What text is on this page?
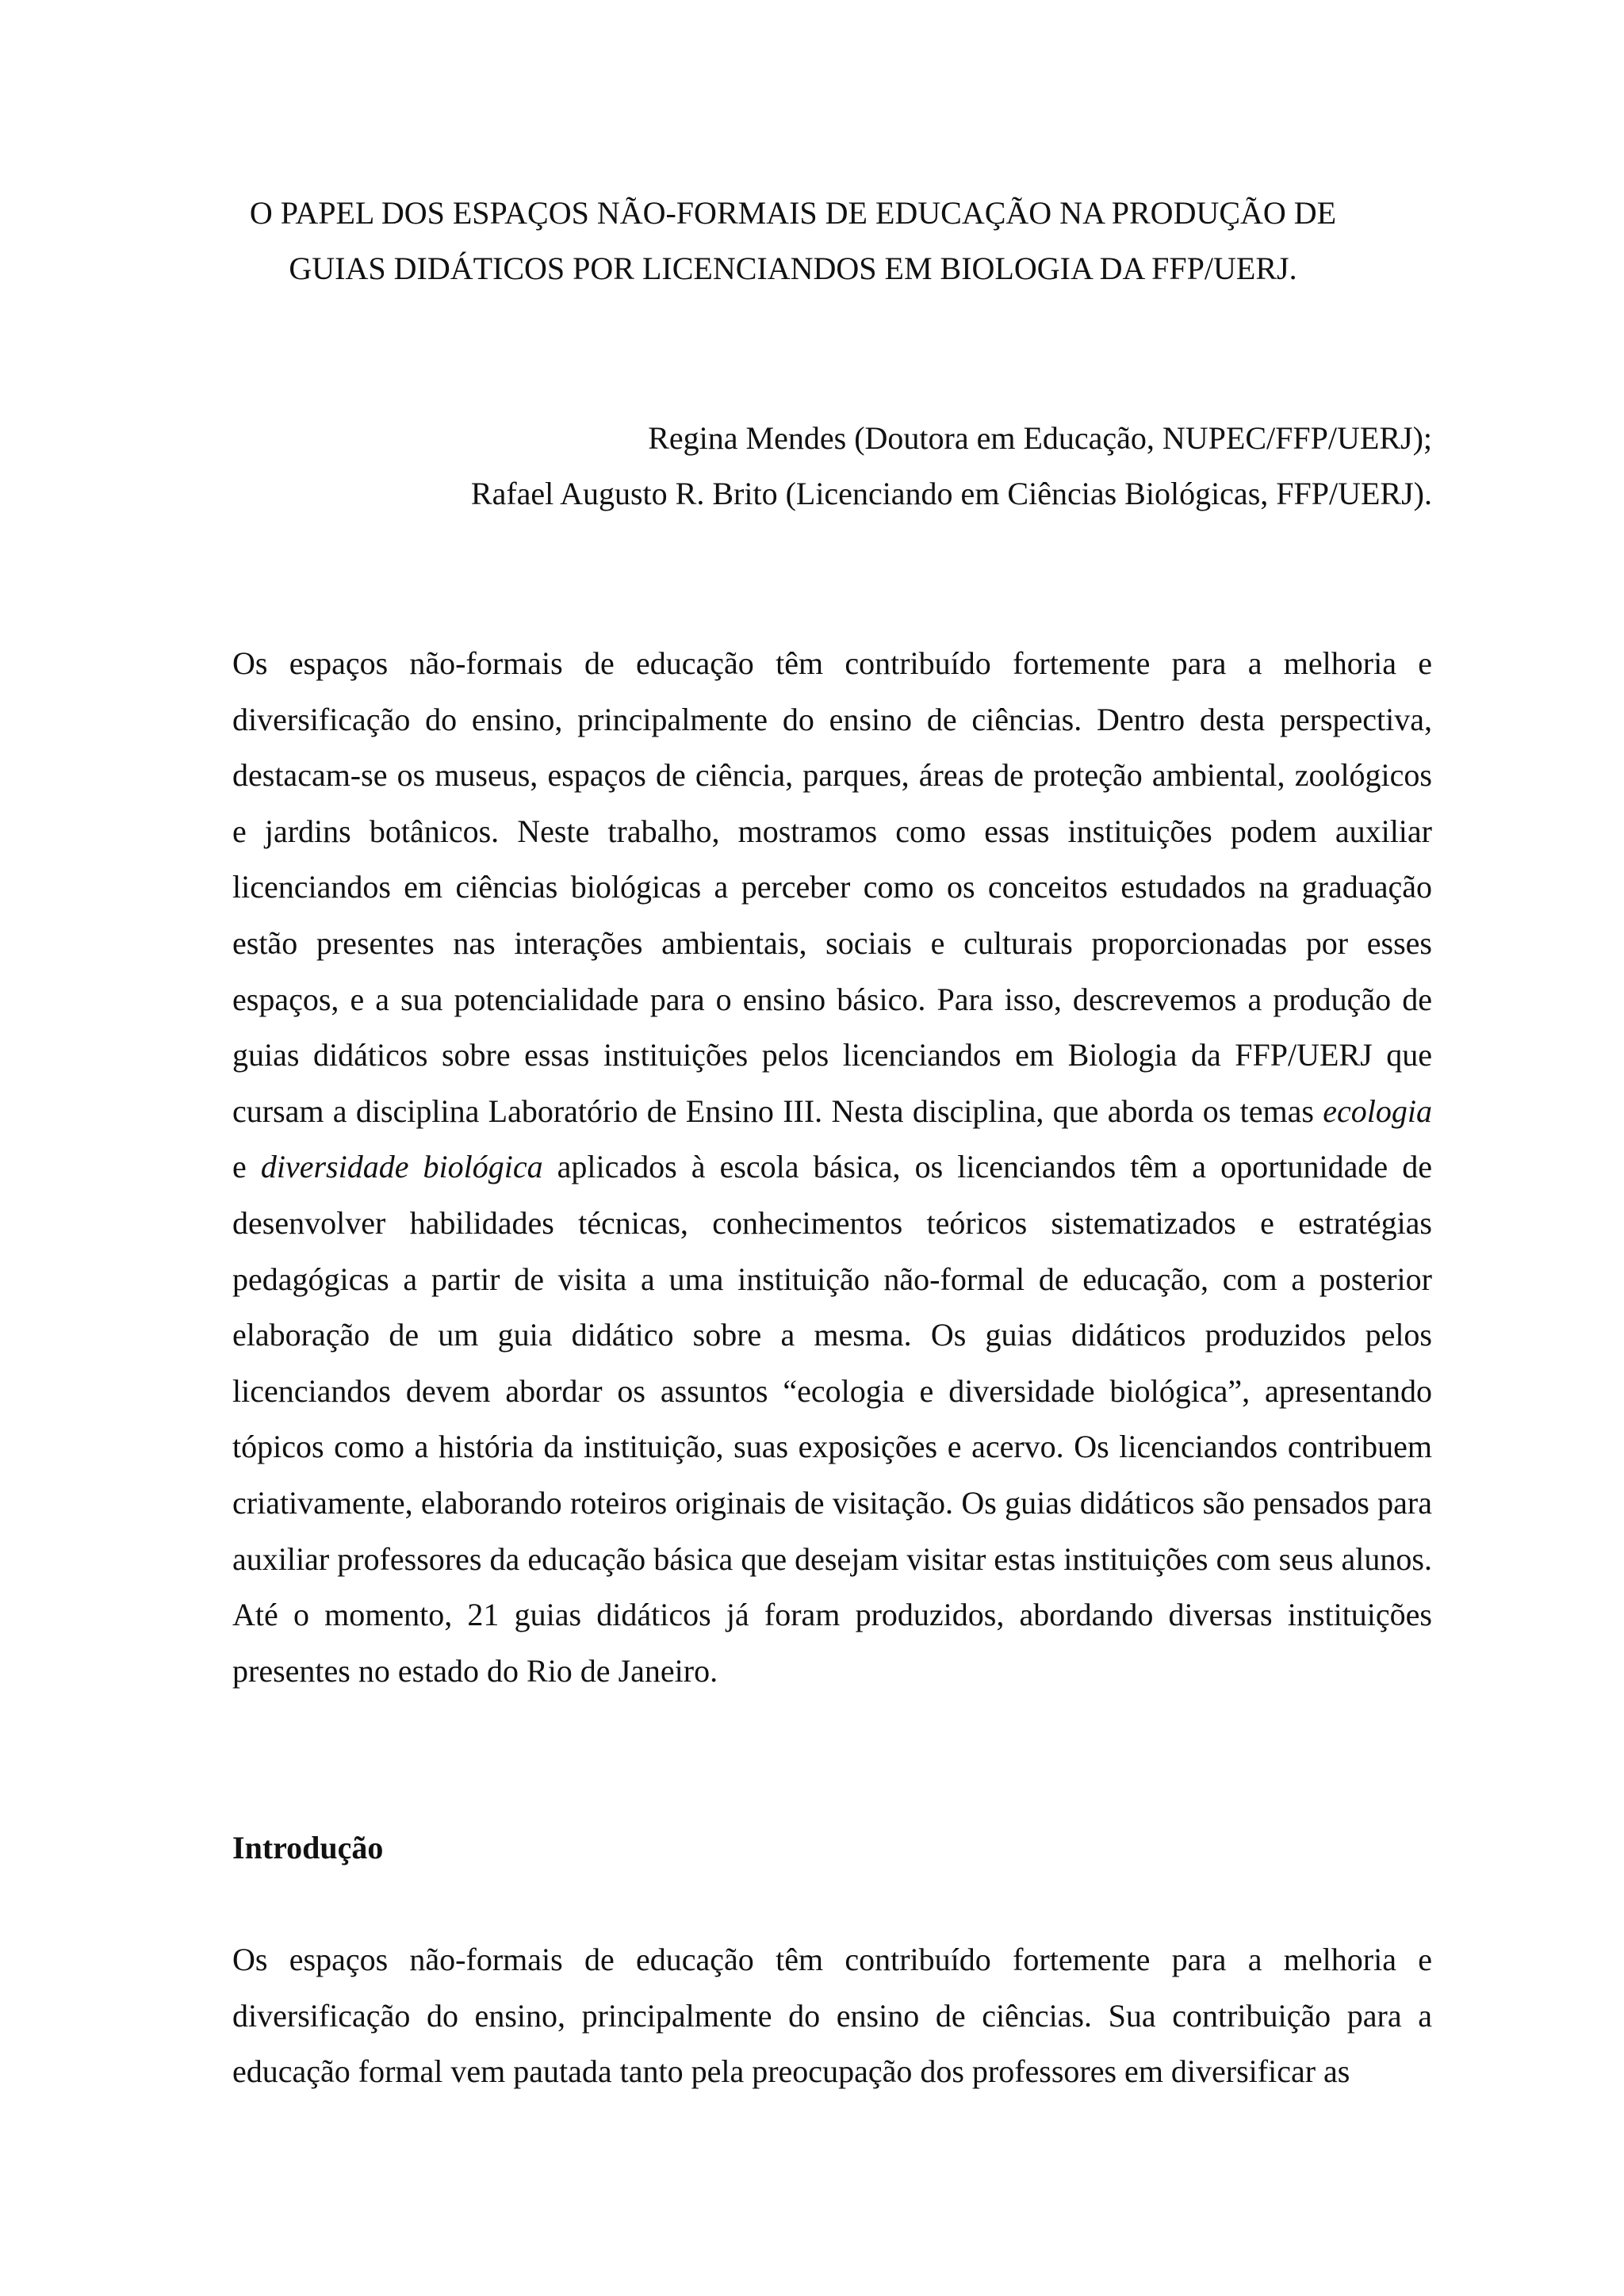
O PAPEL DOS ESPAÇOS NÃO-FORMAIS DE EDUCAÇÃO NA PRODUÇÃO DE
GUIAS DIDÁTICOS POR LICENCIANDOS EM BIOLOGIA DA FFP/UERJ.
Regina Mendes (Doutora em Educação, NUPEC/FFP/UERJ);
Rafael Augusto R. Brito (Licenciando em Ciências Biológicas, FFP/UERJ).

Os espaços não-formais de educação têm contribuído fortemente para a melhoria e diversificação do ensino, principalmente do ensino de ciências. Dentro desta perspectiva, destacam-se os museus, espaços de ciência, parques, áreas de proteção ambiental, zoológicos e jardins botânicos. Neste trabalho, mostramos como essas instituições podem auxiliar licenciandos em ciências biológicas a perceber como os conceitos estudados na graduação estão presentes nas interações ambientais, sociais e culturais proporcionadas por esses espaços, e a sua potencialidade para o ensino básico. Para isso, descrevemos a produção de guias didáticos sobre essas instituições pelos licenciandos em Biologia da FFP/UERJ que cursam a disciplina Laboratório de Ensino III. Nesta disciplina, que aborda os temas ecologia e diversidade biológica aplicados à escola básica, os licenciandos têm a oportunidade de desenvolver habilidades técnicas, conhecimentos teóricos sistematizados e estratégias pedagógicas a partir de visita a uma instituição não-formal de educação, com a posterior elaboração de um guia didático sobre a mesma. Os guias didáticos produzidos pelos licenciandos devem abordar os assuntos “ecologia e diversidade biológica”, apresentando tópicos como a história da instituição, suas exposições e acervo. Os licenciandos contribuem criativamente, elaborando roteiros originais de visitação. Os guias didáticos são pensados para auxiliar professores da educação básica que desejam visitar estas instituições com seus alunos. Até o momento, 21 guias didáticos já foram produzidos, abordando diversas instituições presentes no estado do Rio de Janeiro.

Introdução

Os espaços não-formais de educação têm contribuído fortemente para a melhoria e diversificação do ensino, principalmente do ensino de ciências. Sua contribuição para a educação formal vem pautada tanto pela preocupação dos professores em diversificar as
